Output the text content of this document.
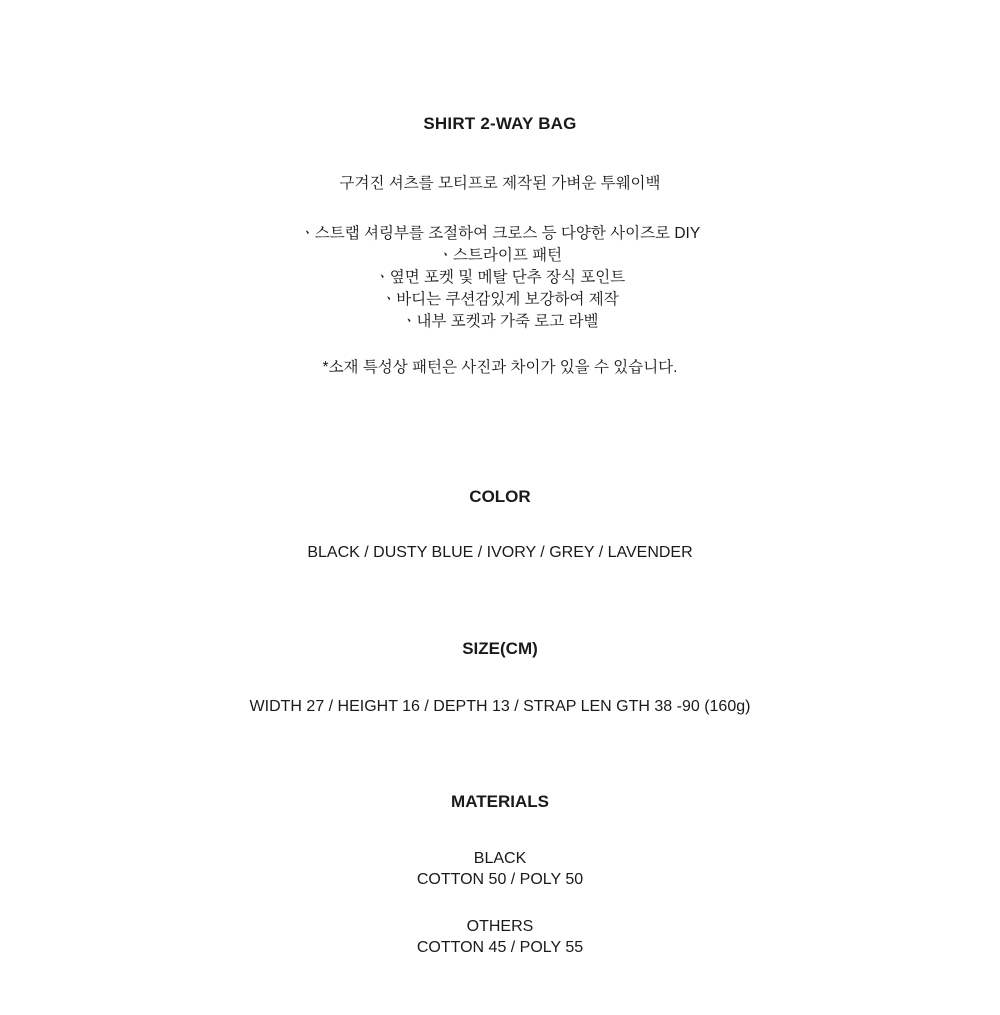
SHIRT 2-WAY BAG

구겨진 셔츠를 모티프로 제작된 가벼운 투웨이백

ㆍ스트랩 셔링부를 조절하여 크로스 등 다양한 사이즈로 DIY
ㆍ스트라이프 패턴
ㆍ옆면 포켓 및 메탈 단추 장식 포인트
ㆍ바디는 쿠션감있게 보강하여 제작
ㆍ내부 포켓과 가죽 로고 라벨

*소재 특성상 패턴은 사진과 차이가 있을 수 있습니다.

COLOR

BLACK / DUSTY BLUE / IVORY / GREY / LAVENDER

SIZE(CM)

WIDTH 27 / HEIGHT 16 / DEPTH 13 / STRAP LEN GTH 38 -90 (160g)

MATERIALS
BLACK
COTTON 50 / POLY 50
OTHERS
COTTON 45 / POLY 55
